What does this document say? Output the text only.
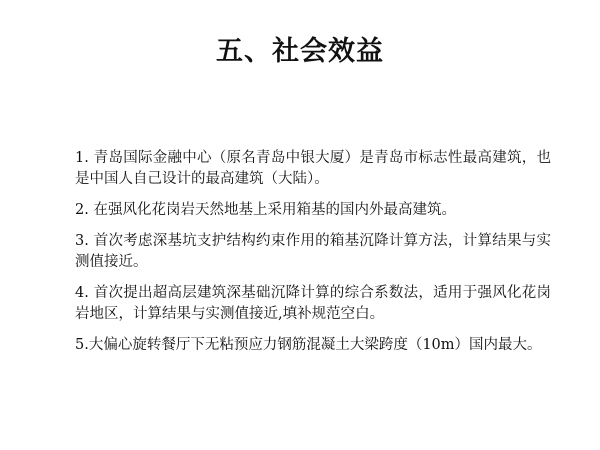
五、社会效益
1. 青岛国际金融中心（原名青岛中银大厦）是青岛市标志性最高建筑，也是中国人自己设计的最高建筑（大陆）。
2. 在强风化花岗岩天然地基上采用箱基的国内外最高建筑。
3. 首次考虑深基坑支护结构约束作用的箱基沉降计算方法，计算结果与实测值接近。
4. 首次提出超高层建筑深基础沉降计算的综合系数法，适用于强风化花岗岩地区，计算结果与实测值接近,填补规范空白。
5.大偏心旋转餐厅下无粘预应力钢筋混凝土大梁跨度（10m）国内最大。
